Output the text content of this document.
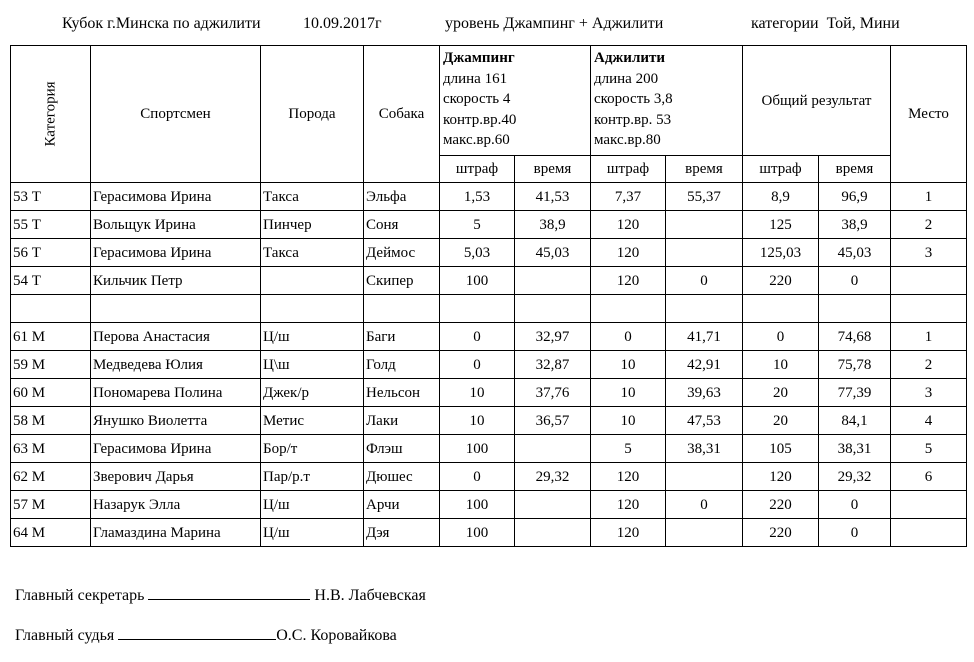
Кубок г.Минска по аджилити	10.09.2017г	уровень Джампинг + Аджилити	категории  Той, Мини
Категория	Спортсмен	Порода	Собака	Джампинг
длина 161
скорость 4
контр.вр.40
макс.вр.60		Аджилити
длина 200
скорость 3,8
контр.вр. 53
макс.вр.80		Общий результат		Место
				штраф	время	штраф	время	штраф	время	
53 Т	Герасимова Ирина	Такса	Эльфа	1,53	41,53	7,37	55,37	8,9	96,9	1
55 Т	Вольщук Ирина	Пинчер	Соня	5	38,9	120		125	38,9	2
56 Т	Герасимова Ирина	Такса	Деймос	5,03	45,03	120		125,03	45,03	3
54 Т	Кильчик Петр		Скипер	100		120	0	220	0	

61 М	Перова Анастасия	Ц/ш	Баги	0	32,97	0	41,71	0	74,68	1
59 М	Медведева Юлия	Ц\ш	Голд	0	32,87	10	42,91	10	75,78	2
60 М	Пономарева Полина	Джек/р	Нельсон	10	37,76	10	39,63	20	77,39	3
58 М	Янушко Виолетта	Метис	Лаки	10	36,57	10	47,53	20	84,1	4
63 М	Герасимова Ирина	Бор/т	Флэш	100		5	38,31	105	38,31	5
62 М	Зверович Дарья	Пар/р.т	Дюшес	0	29,32	120		120	29,32	6
57 М	Назарук Элла	Ц/ш	Арчи	100		120	0	220	0	
64 М	Гламаздина Марина	Ц/ш	Дэя	100		120		220	0	
Главный секретарь	Н.В. Лабчевская
Главный судья	О.С. Коровайкова
